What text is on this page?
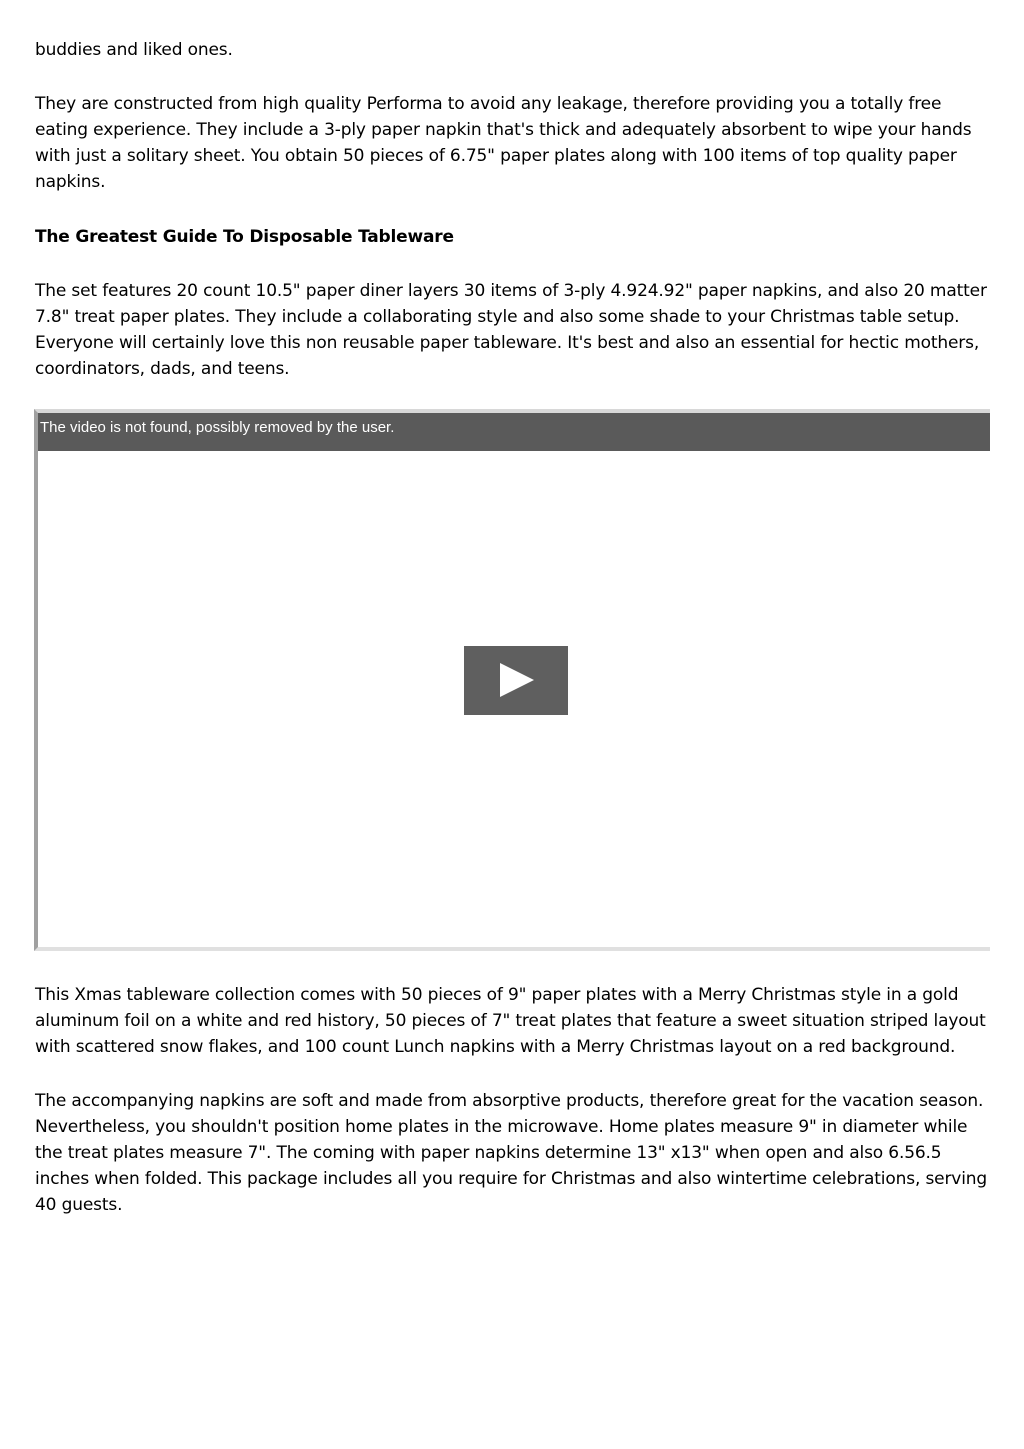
buddies and liked ones.

They are constructed from high quality Performa to avoid any leakage, therefore providing you a totally free eating experience. They include a 3-ply paper napkin that's thick and adequately absorbent to wipe your hands with just a solitary sheet. You obtain 50 pieces of 6.75" paper plates along with 100 items of top quality paper napkins.

The Greatest Guide To Disposable Tableware

The set features 20 count 10.5" paper diner layers 30 items of 3-ply 4.924.92" paper napkins, and also 20 matter 7.8" treat paper plates. They include a collaborating style and also some shade to your Christmas table setup. Everyone will certainly love this non reusable paper tableware. It's best and also an essential for hectic mothers, coordinators, dads, and teens.

This Xmas tableware collection comes with 50 pieces of 9" paper plates with a Merry Christmas style in a gold aluminum foil on a white and red history, 50 pieces of 7" treat plates that feature a sweet situation striped layout with scattered snow flakes, and 100 count Lunch napkins with a Merry Christmas layout on a red background.

The accompanying napkins are soft and made from absorptive products, therefore great for the vacation season. Nevertheless, you shouldn't position home plates in the microwave. Home plates measure 9" in diameter while the treat plates measure 7". The coming with paper napkins determine 13" x13" when open and also 6.56.5 inches when folded. This package includes all you require for Christmas and also wintertime celebrations, serving 40 guests.

The video is not found, possibly removed by the user.
